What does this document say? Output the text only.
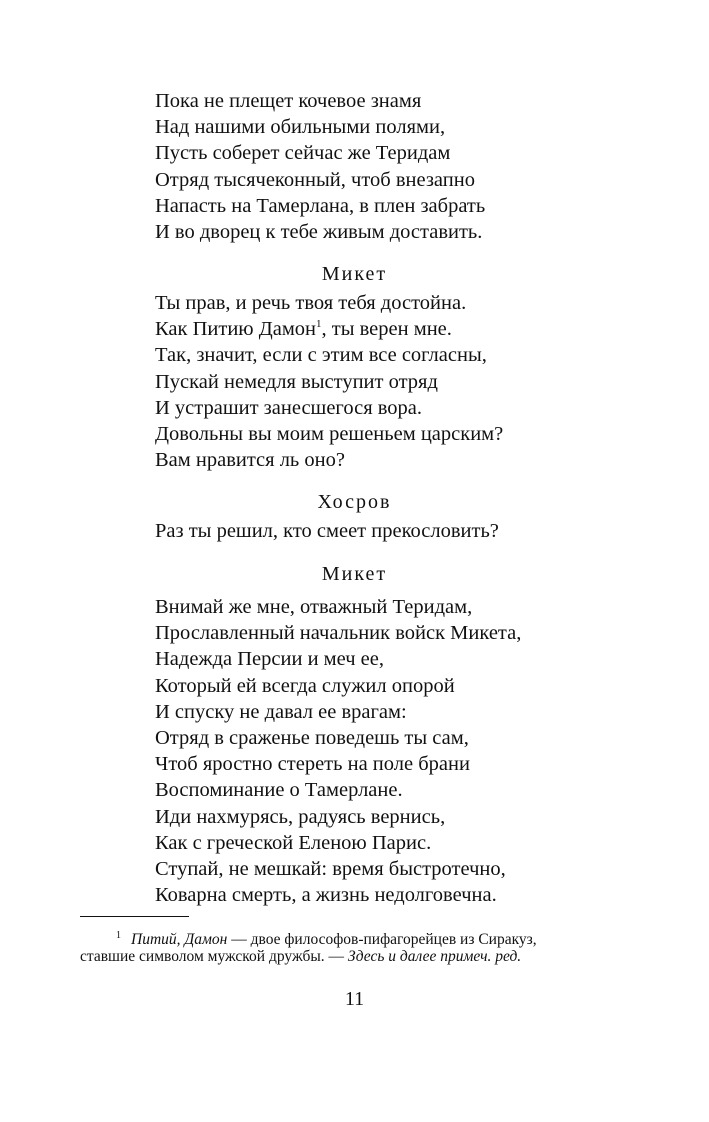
Пока не плещет кочевое знамя

Над нашими обильными полями,

Пусть соберет сейчас же Теридам

Отряд тысячеконный, чтоб внезапно

Напасть на Тамерлана, в плен забрать

И во дворец к тебе живым доставить.

Микет

Ты прав, и речь твоя тебя достойна.

Как Питию Дамон$^1$, ты верен мне.

Так, значит, если с этим все согласны,

Пускай немедля выступит отряд

И устрашит занесшегося вора.

Довольны вы моим решеньем царским?

Вам нравится ль оно?

Хосров

Раз ты решил, кто смеет прекословить?

Микет

Внимай же мне, отважный Теридам,

Прославленный начальник войск Микета,

Надежда Персии и меч ее,

Который ей всегда служил опорой

И спуску не давал ее врагам:

Отряд в сраженье поведешь ты сам,

Чтоб яростно стереть на поле брани

Воспоминание о Тамерлане.

Иди нахмурясь, радуясь вернись,

Как с греческой Еленою Парис.

Ступай, не мешкай: время быстротечно,

Коварна смерть, а жизнь недолговечна.

$^1$ Питий, Дамон — двое философов-пифагорейцев из Сиракуз,
ставшие символом мужской дружбы. — Здесь и далее примеч. ред.
11
